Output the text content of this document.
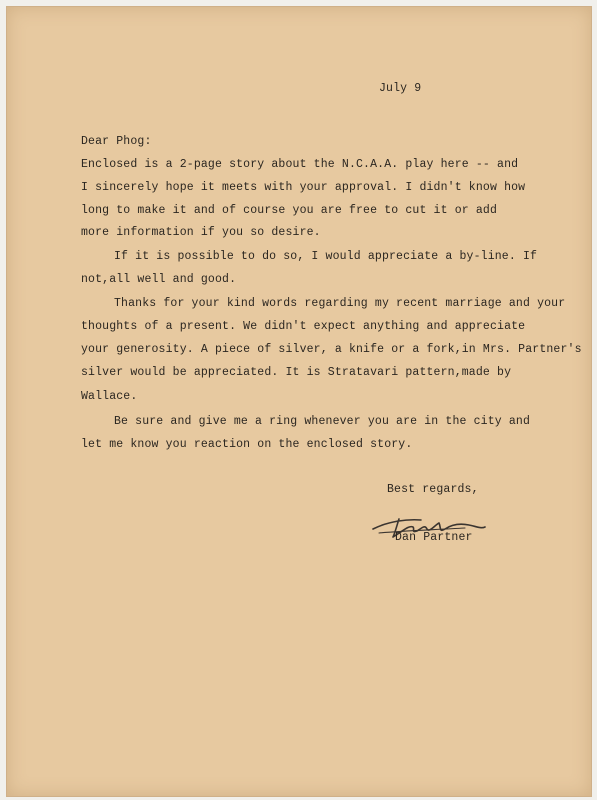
July 9
Dear Phog:
Enclosed is a 2-page story about the N.C.A.A. play here -- and
I sincerely hope it meets with your approval. I didn't know how
long to make it and of course you are free to cut it or add
more information if you so desire.
If it is possible to do so, I would appreciate a by-line. If
not,all well and good.
Thanks for your kind words regarding my recent marriage and your
thoughts of a present. We didn't expect anything and appreciate
your generosity. A piece of silver, a knife or a fork,in Mrs. Partner's
silver would be appreciated. It is Stratavari pattern,made by
Wallace.
Be sure and give me a ring whenever you are in the city and
let me know you reaction on the enclosed story.
Best regards,
Dan Partner
